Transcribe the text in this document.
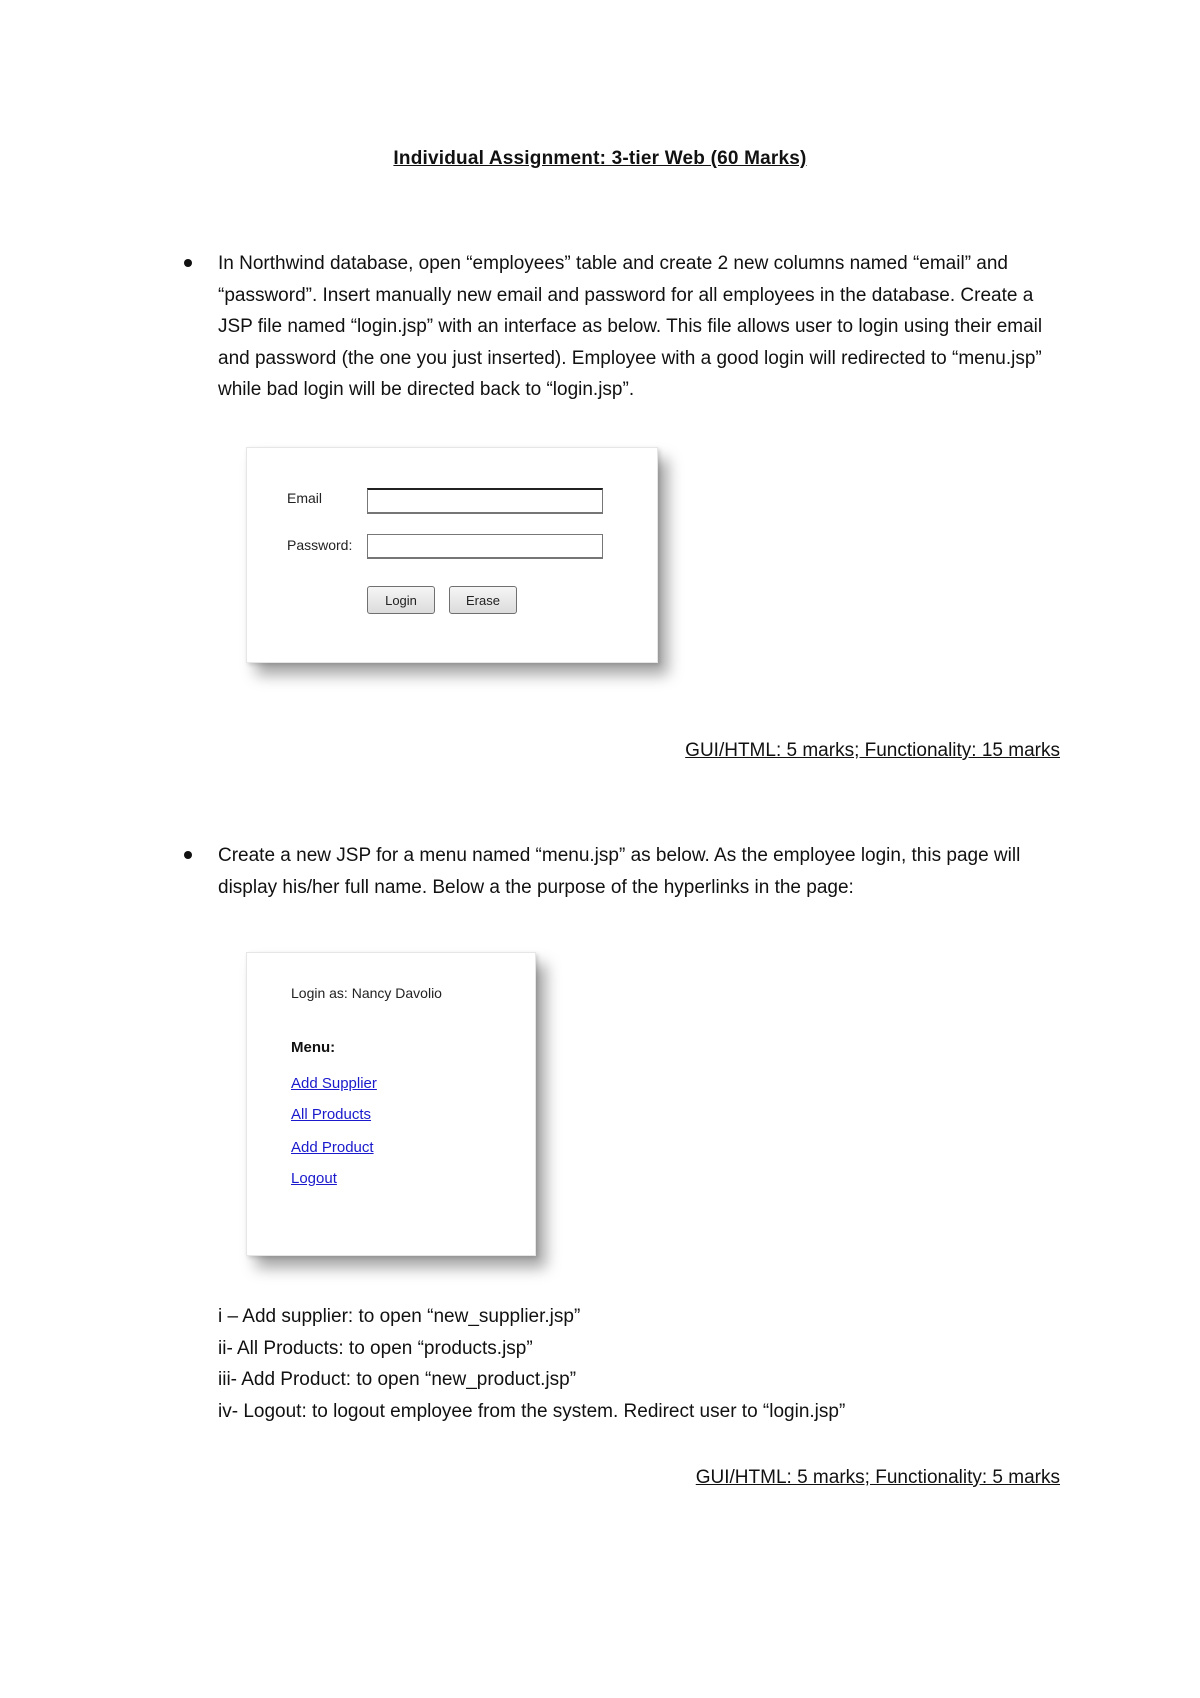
Individual Assignment: 3-tier Web (60 Marks)

In Northwind database, open “employees” table and create 2 new columns named “email” and “password”. Insert manually new email and password for all employees in the database. Create a JSP file named “login.jsp” with an interface as below. This file allows user to login using their email and password (the one you just inserted). Employee with a good login will redirected to “menu.jsp” while bad login will be directed back to “login.jsp”.

Email
Password:
Login	Erase
GUI/HTML: 5 marks; Functionality: 15 marks

Create a new JSP for a menu named “menu.jsp” as below. As the employee login, this page will display his/her full name. Below a the purpose of the hyperlinks in the page:

Login as: Nancy Davolio
Menu:
Add Supplier
All Products
Add Product
Logout
i – Add supplier: to open “new_supplier.jsp”
ii- All Products: to open “products.jsp”
iii- Add Product: to open “new_product.jsp”
iv- Logout: to logout employee from the system. Redirect user to “login.jsp”
GUI/HTML: 5 marks; Functionality: 5 marks
